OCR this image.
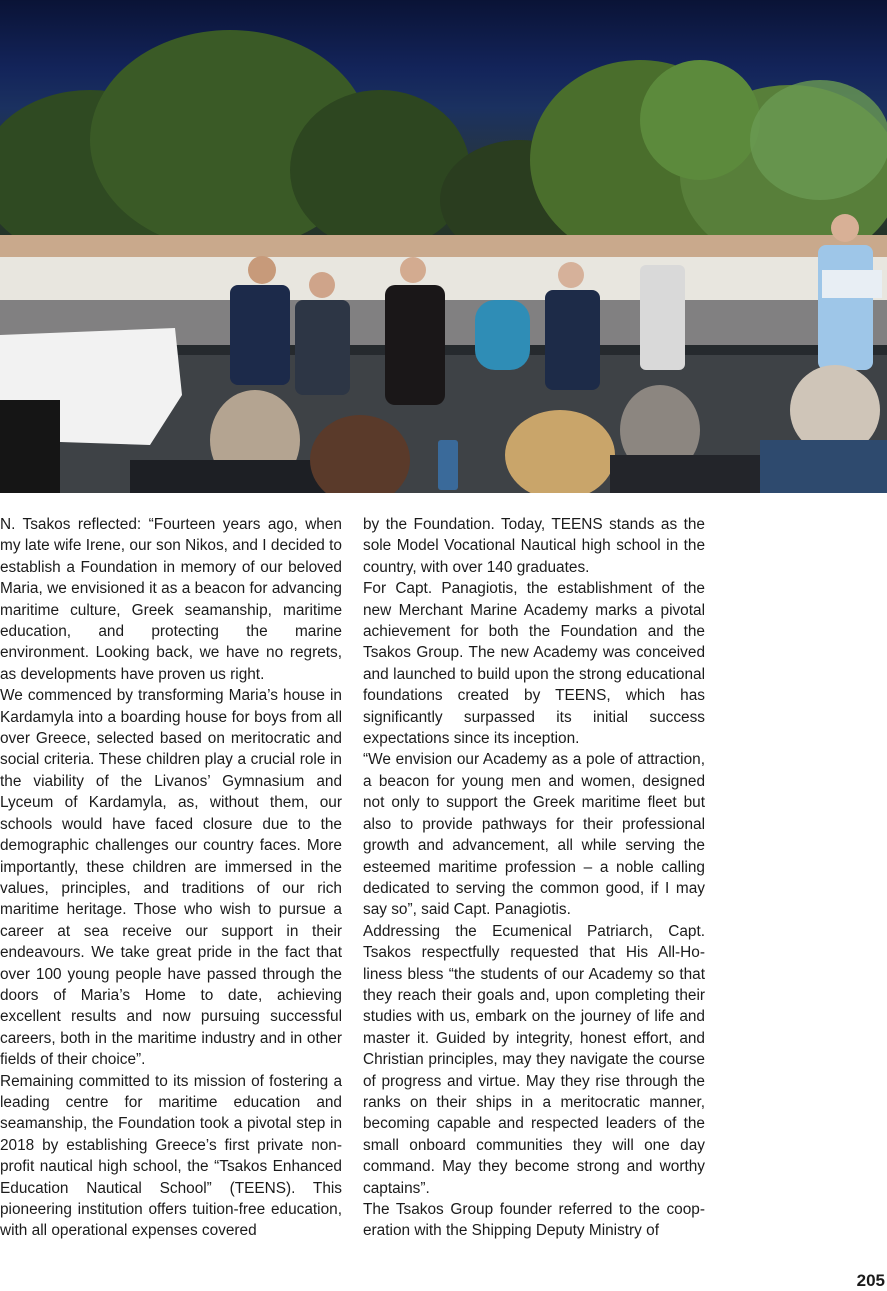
N. Tsakos reflected: “Fourteen years ago, when my late wife Irene, our son Nikos, and I decided to establish a Foundation in memory of our beloved Maria, we envisioned it as a beacon for advancing maritime culture, Greek seamanship, maritime education, and protecting the marine environment. Looking back, we have no regrets, as developments have proven us right.

We commenced by transforming Maria’s house in Kardamyla into a boarding house for boys from all over Greece, selected based on meritocratic and social criteria. These children play a crucial role in the viability of the Livanos’ Gymnasium and Lyceum of Kardamyla, as, without them, our schools would have faced closure due to the demographic challenges our country faces. More importantly, these children are immersed in the values, principles, and traditions of our rich maritime heritage. Those who wish to pursue a career at sea receive our support in their endeavours. We take great pride in the fact that over 100 young people have passed through the doors of Maria’s Home to date, achieving excellent results and now pursuing successful careers, both in the maritime industry and in other fields of their choice”.

Remaining committed to its mission of fostering a leading centre for maritime education and seamanship, the Foundation took a pivotal step in 2018 by establishing Greece’s first private non-profit nautical high school, the “Tsakos Enhanced Education Nautical School” (TEENS). This pioneering institution offers tuition-free education, with all operational expenses covered

by the Foundation. Today, TEENS stands as the sole Model Vocational Nautical high school in the country, with over 140 graduates.

For Capt. Panagiotis, the establishment of the new Merchant Marine Academy marks a pivotal achievement for both the Foundation and the Tsakos Group. The new Academy was conceived and launched to build upon the strong educational foundations created by TEENS, which has significantly surpassed its initial success expectations since its inception.

“We envision our Academy as a pole of attraction, a beacon for young men and women, designed not only to support the Greek maritime fleet but also to provide pathways for their professional growth and advancement, all while serving the esteemed maritime profession – a noble calling dedicated to serving the common good, if I may say so”, said Capt. Panagiotis.

Addressing the Ecumenical Patriarch, Capt. Tsakos respectfully requested that His All-Holiness bless “the students of our Academy so that they reach their goals and, upon completing their studies with us, embark on the journey of life and master it. Guided by integrity, honest effort, and Christian principles, may they navigate the course of progress and virtue. May they rise through the ranks on their ships in a meritocratic manner, becoming capable and respected leaders of the small onboard communities they will one day command. May they become strong and worthy captains”.

The Tsakos Group founder referred to the cooperation with the Shipping Deputy Ministry of

205
